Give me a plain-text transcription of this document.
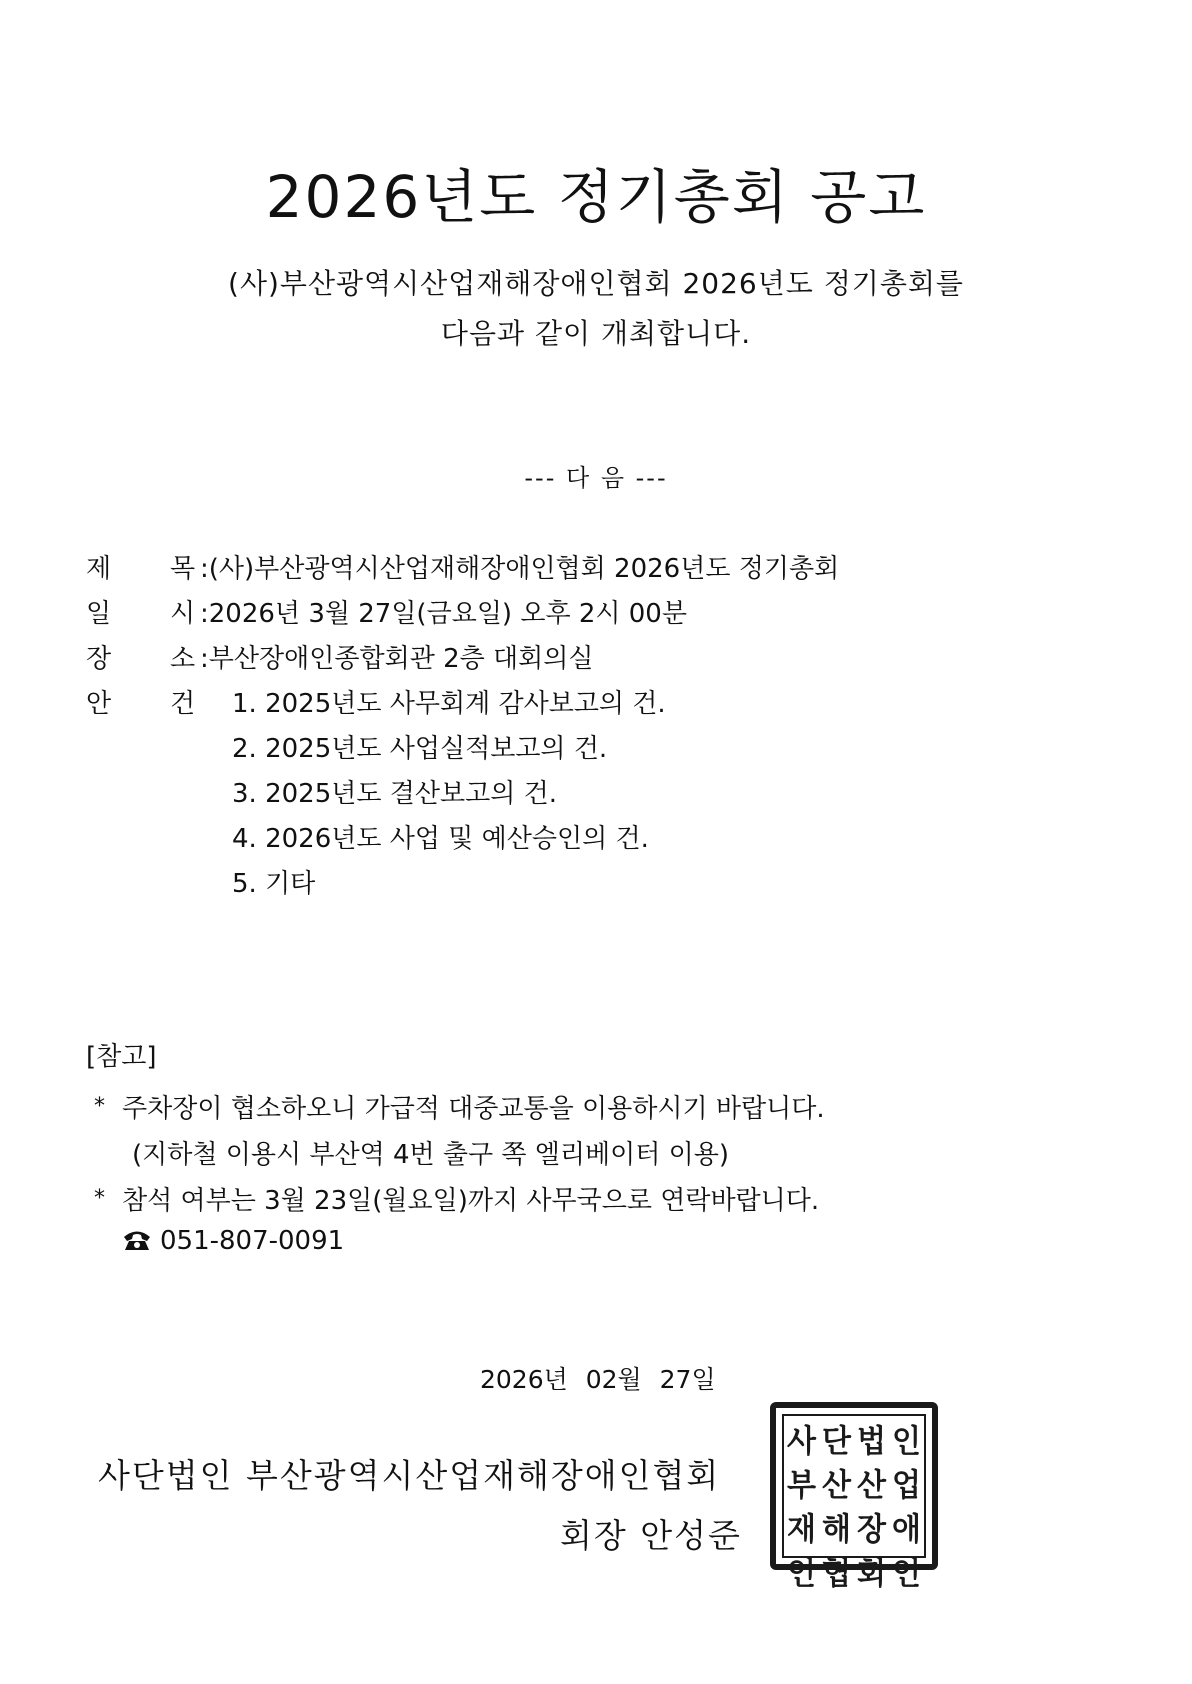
2026년도 정기총회 공고
(사)부산광역시산업재해장애인협회 2026년도 정기총회를
다음과 같이 개최합니다.
--- 다 음 ---
제 목 :(사)부산광역시산업재해장애인협회 2026년도 정기총회
일 시 :2026년 3월 27일(금요일) 오후 2시 00분
장 소 :부산장애인종합회관 2층 대회의실
안 건 1. 2025년도 사무회계 감사보고의 건.
2. 2025년도 사업실적보고의 건.
3. 2025년도 결산보고의 건.
4. 2026년도 사업 및 예산승인의 건.
5. 기타
[참고]
* 주차장이 협소하오니 가급적 대중교통을 이용하시기 바랍니다.
(지하철 이용시 부산역 4번 출구 쪽 엘리베이터 이용)
* 참석 여부는 3월 23일(월요일)까지 사무국으로 연락바랍니다.
051-807-0091
2026년 02월 27일
사단법인 부산광역시산업재해장애인협회
회장 안성준
사 단 법 인
부 산 산 업
재 해 장 애
인 협 회 인
